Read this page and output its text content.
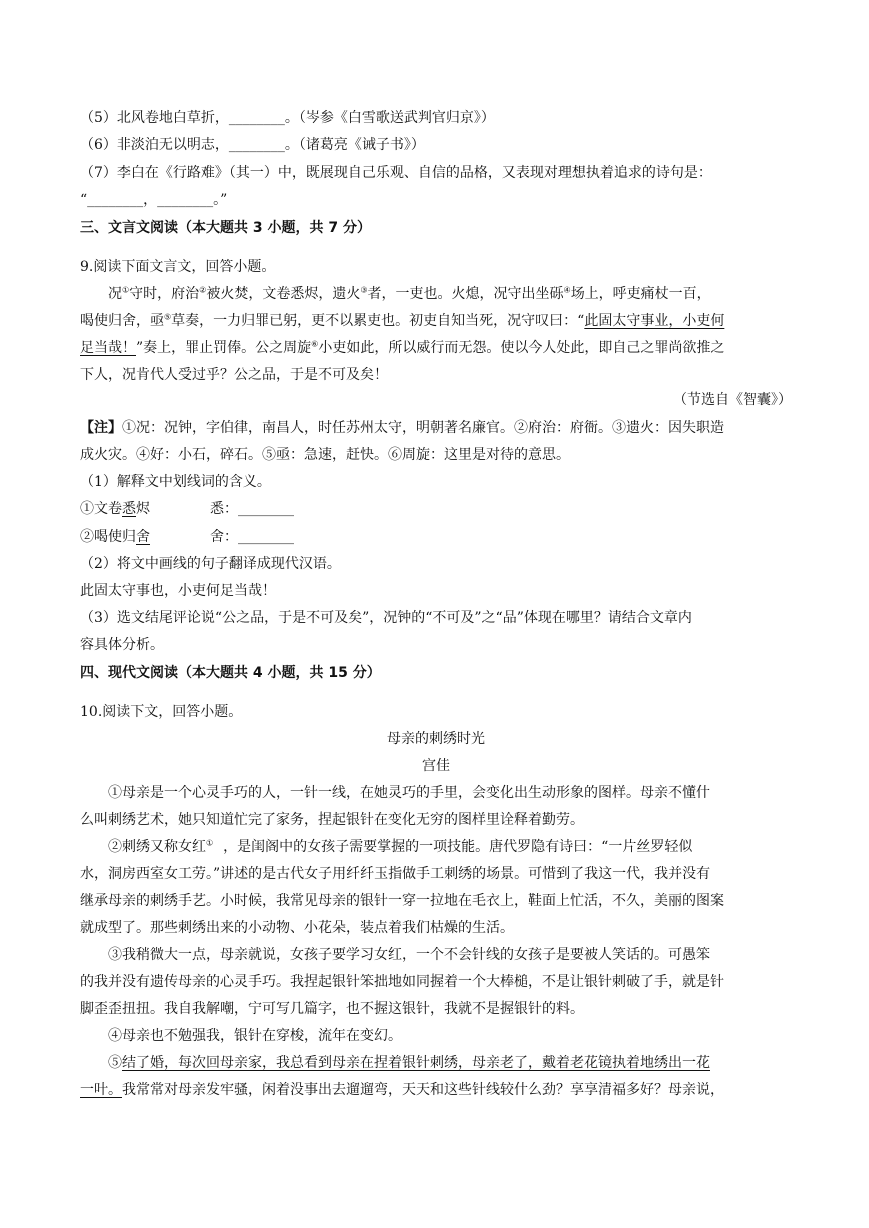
（5）北风卷地白草折，________。（岑参《白雪歌送武判官归京》）
（6）非淡泊无以明志，________。（诸葛亮《诫子书》）
（7）李白在《行路难》（其一）中，既展现自己乐观、自信的品格，又表现对理想执着追求的诗句是：
“________，________。”
三、文言文阅读（本大题共 3 小题，共 7 分）
9.阅读下面文言文，回答小题。
况①守时，府治②被火焚，文卷悉烬，遗火③者，一吏也。火熄，况守出坐砾④场上，呼吏痛杖一百，
喝使归舍，亟⑤草奏，一力归罪已躬，更不以累吏也。初吏自知当死，况守叹曰：“此固太守事业，小吏何
足当哉！”奏上，罪止罚俸。公之周旋⑥小吏如此，所以威行而无怨。使以今人处此，即自己之罪尚欲推之
下人，况肯代人受过乎？公之品，于是不可及矣！
（节选自《智囊》）
【注】①况：况钟，字伯律，南昌人，时任苏州太守，明朝著名廉官。②府治：府衙。③遗火：因失职造
成火灾。④好：小石，碎石。⑤亟：急速，赶快。⑥周旋：这里是对待的意思。
（1）解释文中划线词的含义。
①文卷悉烬	悉：________
②喝使归舍	舍：________
（2）将文中画线的句子翻译成现代汉语。
此固太守事也，小吏何足当哉！
（3）选文结尾评论说“公之品，于是不可及矣”，况钟的“不可及”之“品”体现在哪里？请结合文章内
容具体分析。
四、现代文阅读（本大题共 4 小题，共 15 分）
10.阅读下文，回答小题。
母亲的刺绣时光
宫佳
①母亲是一个心灵手巧的人，一针一线，在她灵巧的手里，会变化出生动形象的图样。母亲不懂什
么叫刺绣艺术，她只知道忙完了家务，捏起银针在变化无穷的图样里诠释着勤劳。
②刺绣又称女红① ，是闺阁中的女孩子需要掌握的一项技能。唐代罗隐有诗曰：“一片丝罗轻似
水，洞房西室女工劳。”讲述的是古代女子用纤纤玉指做手工刺绣的场景。可惜到了我这一代，我并没有
继承母亲的刺绣手艺。小时候，我常见母亲的银针一穿一拉地在毛衣上，鞋面上忙活，不久，美丽的图案
就成型了。那些刺绣出来的小动物、小花朵，装点着我们枯燥的生活。
③我稍微大一点，母亲就说，女孩子要学习女红，一个不会针线的女孩子是要被人笑话的。可愚笨
的我并没有遗传母亲的心灵手巧。我捏起银针笨拙地如同握着一个大棒槌，不是让银针刺破了手，就是针
脚歪歪扭扭。我自我解嘲，宁可写几篇字，也不握这银针，我就不是握银针的料。
④母亲也不勉强我，银针在穿梭，流年在变幻。
⑤结了婚，每次回母亲家，我总看到母亲在捏着银针刺绣，母亲老了，戴着老花镜执着地绣出一花
一叶。我常常对母亲发牢骚，闲着没事出去遛遛弯，天天和这些针线较什么劲？享享清福多好？母亲说，
